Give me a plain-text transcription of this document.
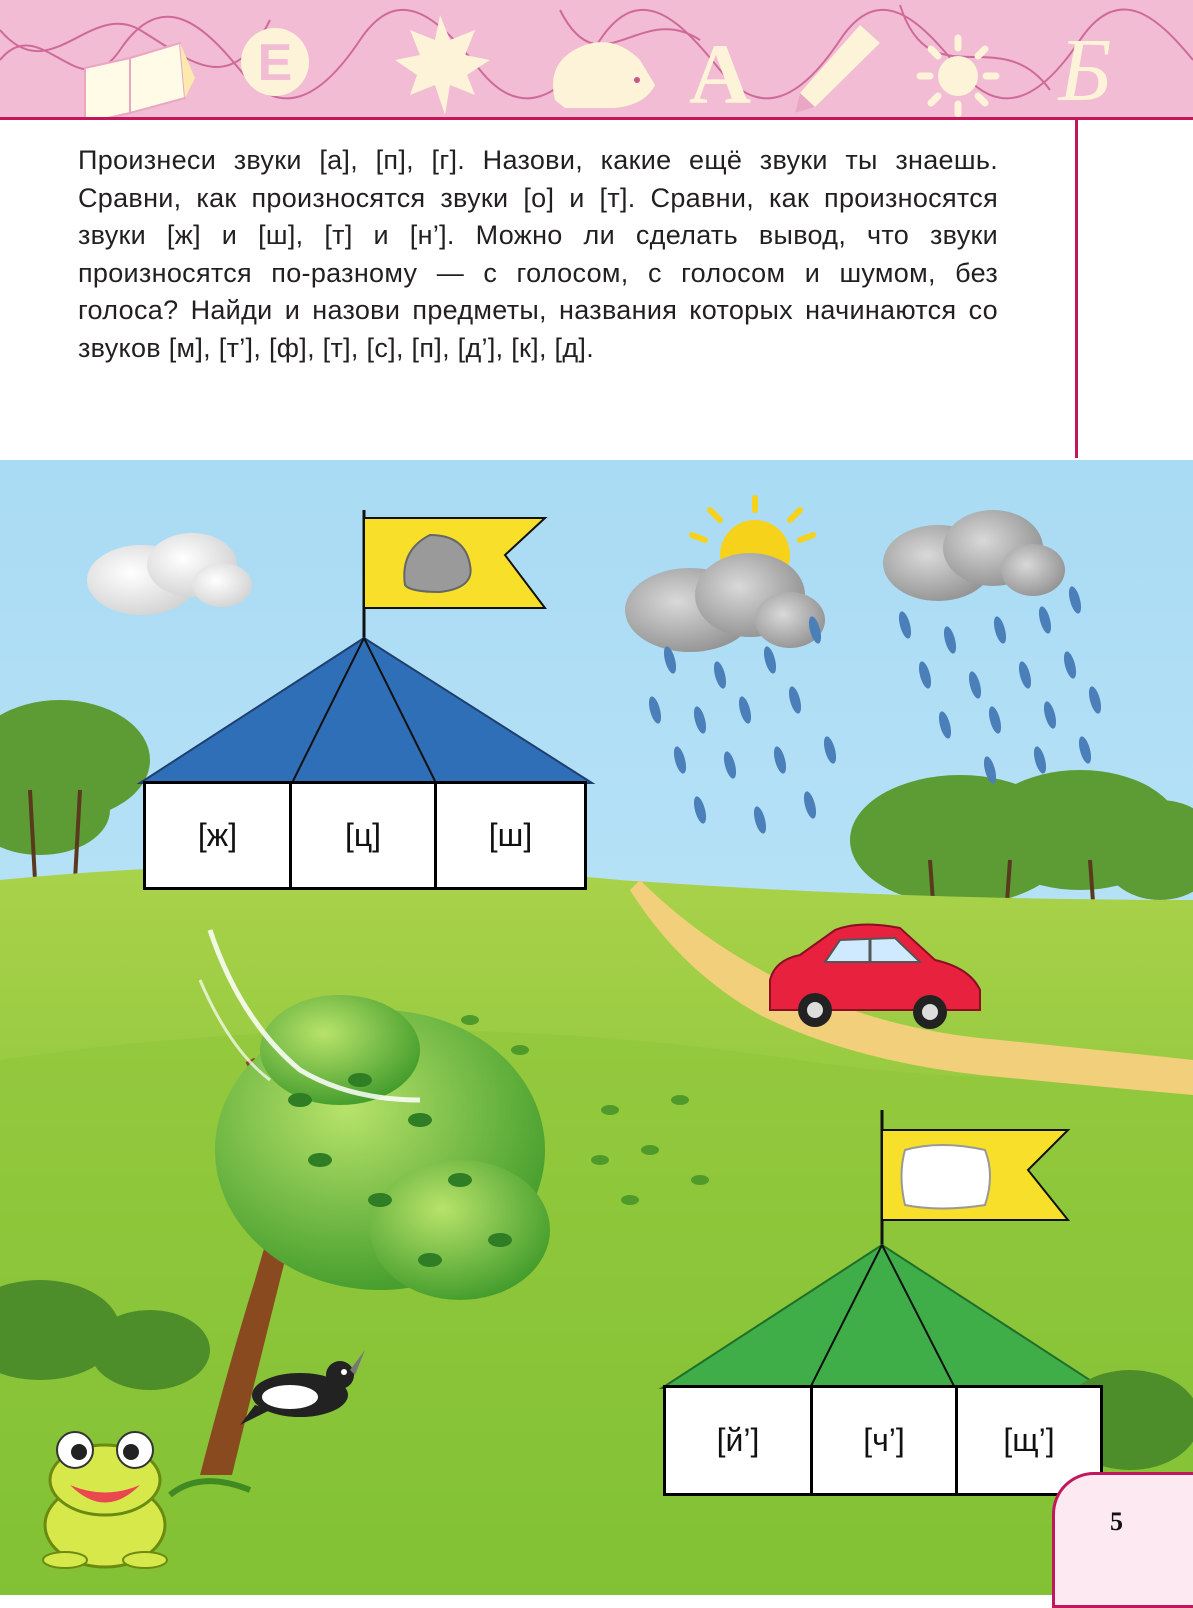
Е	А	Б

Произнеси звуки [а], [п], [г]. Назови, какие ещё звуки ты знаешь. Сравни, как произносятся звуки [о] и [т]. Сравни, как произносятся звуки [ж] и [ш], [т] и [н’]. Можно ли сделать вывод, что звуки произносятся по-разному — с голосом, с голосом и шумом, без голоса? Найди и назови предметы, названия которых начинаются со звуков [м], [т’], [ф], [т], [с], [п], [д’], [к], [д].

[ж]	[ц]	[ш]
[й’]	[ч’]	[щ’]
5
